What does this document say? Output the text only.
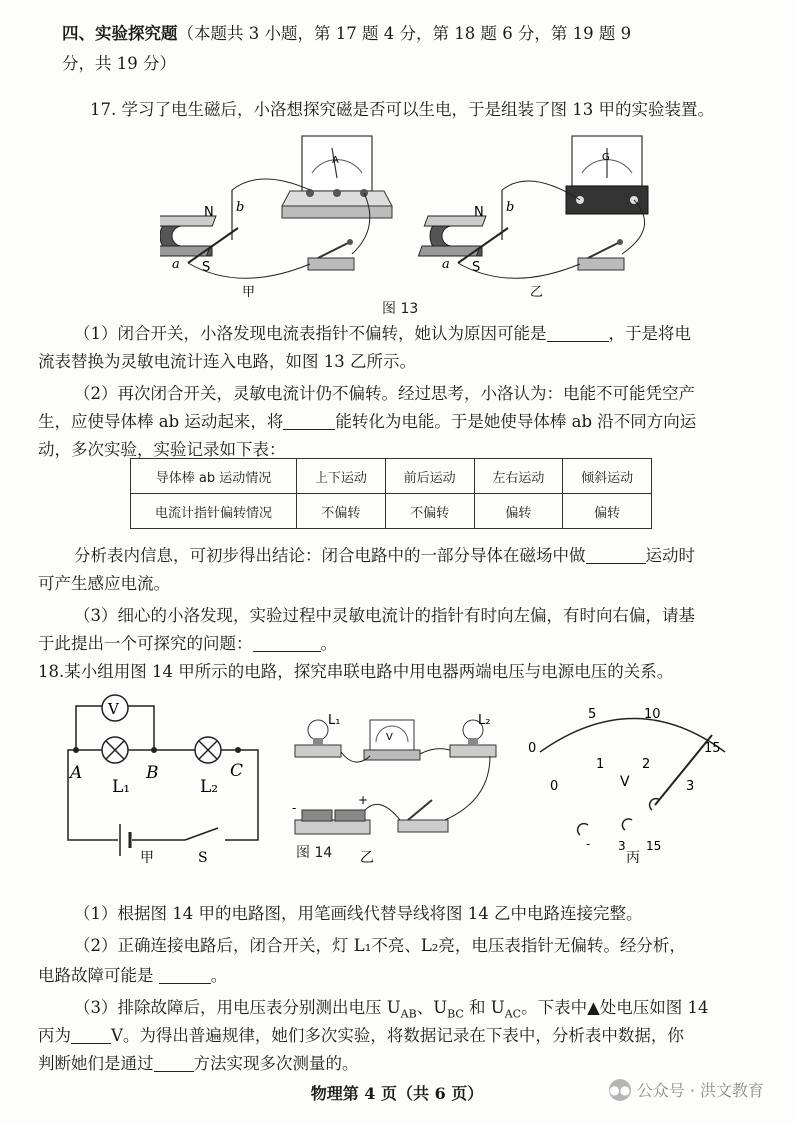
四、实验探究题（本题共 3 小题，第 17 题 4 分，第 18 题 6 分，第 19 题 9
分，共 19 分）
17. 学习了电生磁后，小洛想探究磁是否可以生电，于是组装了图 13 甲的实验装置。
A
N
S
b
a
甲
G
N
S
b
a
乙
图 13
（1）闭合开关，小洛发现电流表指针不偏转，她认为原因可能是	，于是将电
流表替换为灵敏电流计连入电路，如图 13 乙所示。
（2）再次闭合开关，灵敏电流计仍不偏转。经过思考，小洛认为：电能不可能凭空产
生，应使导体棒 ab 运动起来，将	能转化为电能。于是她使导体棒 ab 沿不同方向运
动，多次实验，实验记录如下表：
导体棒 ab 运动情况	上下运动	前后运动	左右运动	倾斜运动
电流计指针偏转情况	不偏转	不偏转	偏转	偏转
分析表内信息，可初步得出结论：闭合电路中的一部分导体在磁场中做	运动时
可产生感应电流。
（3）细心的小洛发现，实验过程中灵敏电流计的指针有时向左偏，有时向右偏，请基
于此提出一个可探究的问题：	。
18.某小组用图 14 甲所示的电路，探究串联电路中用电器两端电压与电源电压的关系。
V
A	B	C
L₁	L₂
甲	S
L₁
V
L₂
-
+
乙
0
5	10
15
0
1	2
3
V
- 3 15
丙
图 14
（1）根据图 14 甲的电路图，用笔画线代替导线将图 14 乙中电路连接完整。
（2）正确连接电路后，闭合开关，灯 L₁不亮、L₂亮，电压表指针无偏转。经分析，
电路故障可能是	。
（3）排除故障后，用电压表分别测出电压 $U_{AB}$、$U_{BC}$ 和 $U_{AC}$。下表中▲处电压如图 14
丙为 V。为得出普遍规律，她们多次实验，将数据记录在下表中，分析表中数据，你
判断她们是通过 方法实现多次测量的。
物理第 4 页（共 6 页）	●● 公众号 · 洪文教育
